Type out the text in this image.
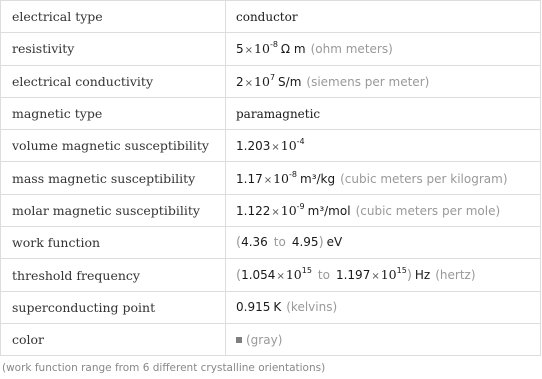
electrical type	conductor
resistivity	$5\times 10^{-8}$ Ω m (ohm meters)
electrical conductivity	$2\times 10^7$ S/m (siemens per meter)
magnetic type	paramagnetic
volume magnetic susceptibility	$1.203\times 10^{-4}$
mass magnetic susceptibility	$1.17\times 10^{-8}$ m³/kg (cubic meters per kilogram)
molar magnetic susceptibility	$1.122\times 10^{-9}$ m³/mol (cubic meters per mole)
work function	(4.36 to 4.95) eV
threshold frequency	($1.054\times 10^{15}$ to $1.197\times 10^{15}$) Hz (hertz)
superconducting point	0.915 K (kelvins)
color	(gray)
(work function range from 6 different crystalline orientations)
